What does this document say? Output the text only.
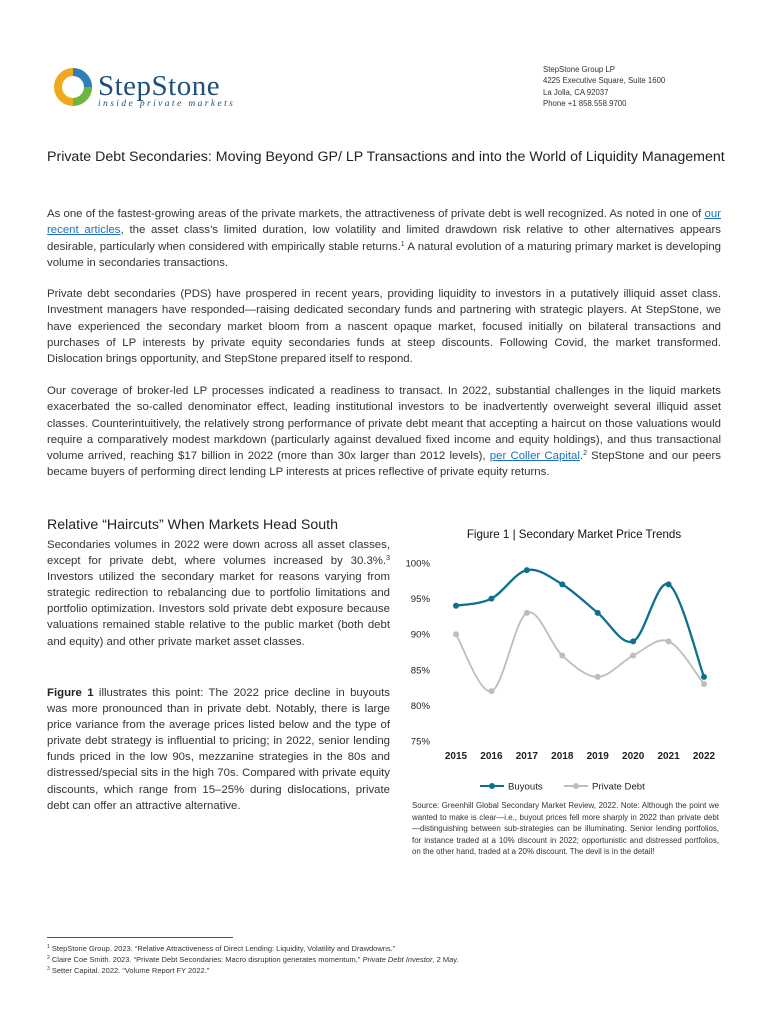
StepStone
inside private markets
StepStone Group LP
4225 Executive Square, Suite 1600
La Jolla, CA 92037
Phone +1 858.558.9700
Private Debt Secondaries: Moving Beyond GP/ LP Transactions and into the World of Liquidity Management
As one of the fastest-growing areas of the private markets, the attractiveness of private debt is well recognized. As noted in one of our recent articles, the asset class’s limited duration, low volatility and limited drawdown risk relative to other alternatives appears desirable, particularly when considered with empirically stable returns.$^1$ A natural evolution of a maturing primary market is developing volume in secondaries transactions.
Private debt secondaries (PDS) have prospered in recent years, providing liquidity to investors in a putatively illiquid asset class. Investment managers have responded—raising dedicated secondary funds and partnering with strategic players. At StepStone, we have experienced the secondary market bloom from a nascent opaque market, focused initially on bilateral transactions and purchases of LP interests by private equity secondaries funds at steep discounts. Following Covid, the market transformed. Dislocation brings opportunity, and StepStone prepared itself to respond.
Our coverage of broker-led LP processes indicated a readiness to transact. In 2022, substantial challenges in the liquid markets exacerbated the so-called denominator effect, leading institutional investors to be inadvertently overweight several illiquid asset classes. Counterintuitively, the relatively strong performance of private debt meant that accepting a haircut on those valuations would require a comparatively modest markdown (particularly against devalued fixed income and equity holdings), and thus transactional volume arrived, reaching $17 billion in 2022 (more than 30x larger than 2012 levels), per Coller Capital.$^2$ StepStone and our peers became buyers of performing direct lending LP interests at prices reflective of private equity returns.
Relative “Haircuts” When Markets Head South
Secondaries volumes in 2022 were down across all asset classes, except for private debt, where volumes increased by 30.3%.$^3$ Investors utilized the secondary market for reasons varying from strategic redirection to rebalancing due to portfolio limitations and portfolio optimization. Investors sold private debt exposure because valuations remained stable relative to the public market (both debt and equity) and other private market asset classes.
Figure 1 illustrates this point: The 2022 price decline in buyouts was more pronounced than in private debt. Notably, there is large price variance from the average prices listed below and the type of private debt strategy is influential to pricing; in 2022, senior lending funds priced in the low 90s, mezzanine strategies in the 80s and distressed/special sits in the high 70s. Compared with private equity discounts, which range from 15–25% during dislocations, private debt can offer an attractive alternative.
Figure 1 | Secondary Market Price Trends
75%
80%
85%
90%
95%
100%
2015 2016 2017 2018 2019 2020 2021 2022
Buyouts	Private Debt
Source: Greenhill Global Secondary Market Review, 2022. Note: Although the point we wanted to make is clear—i.e., buyout prices fell more sharply in 2022 than private debt—distinguishing between sub-strategies can be illuminating. Senior lending portfolios, for instance traded at a 10% discount in 2022; opportunistic and distressed portfolios, on the other hand, traded at a 20% discount. The devil is in the detail!
$^1$ StepStone Group. 2023. “Relative Attractiveness of Direct Lending: Liquidity, Volatility and Drawdowns.”
$^2$ Claire Coe Smith. 2023. “Private Debt Secondaries: Macro disruption generates momentum,” Private Debt Investor, 2 May.
$^3$ Setter Capital. 2022. “Volume Report FY 2022.”
